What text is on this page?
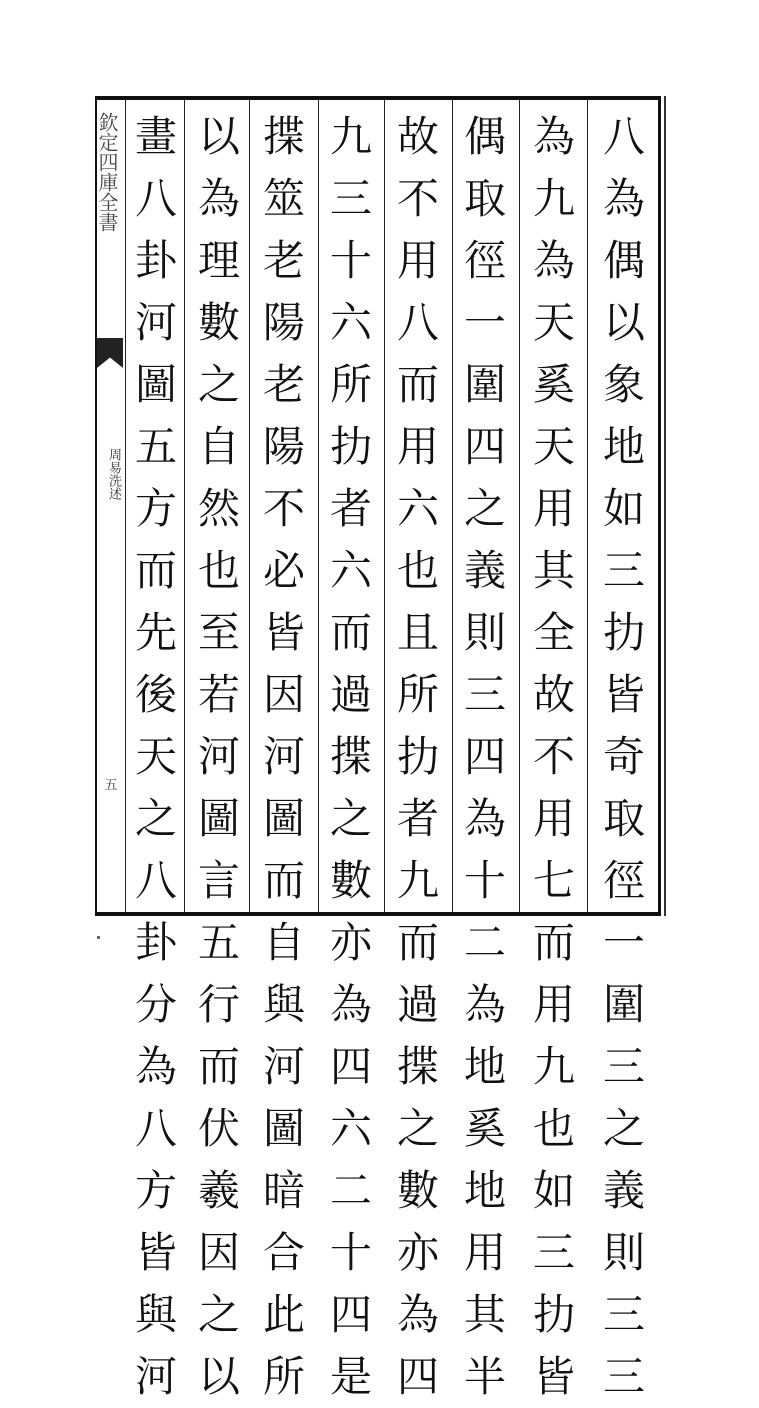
欽定四庫全書
周易洗述
五
八
為
偶
以
象
地
如
三
扐
皆
奇
取
徑
一
圍
三
之
義
則
三
三
為
九
為
天
奚
天
用
其
全
故
不
用
七
而
用
九
也
如
三
扐
皆
偶
取
徑
一
圍
四
之
義
則
三
四
為
十
二
為
地
奚
地
用
其
半
故
不
用
八
而
用
六
也
且
所
扐
者
九
而
過
揲
之
數
亦
為
四
九
三
十
六
所
扐
者
六
而
過
揲
之
數
亦
為
四
六
二
十
四
是
揲
筮
老
陽
老
陽
不
必
皆
因
河
圖
而
自
與
河
圖
暗
合
此
所
以
為
理
數
之
自
然
也
至
若
河
圖
言
五
行
而
伏
羲
因
之
以
畫
八
卦
河
圖
五
方
而
先
後
天
之
八
卦
分
為
八
方
皆
與
河
